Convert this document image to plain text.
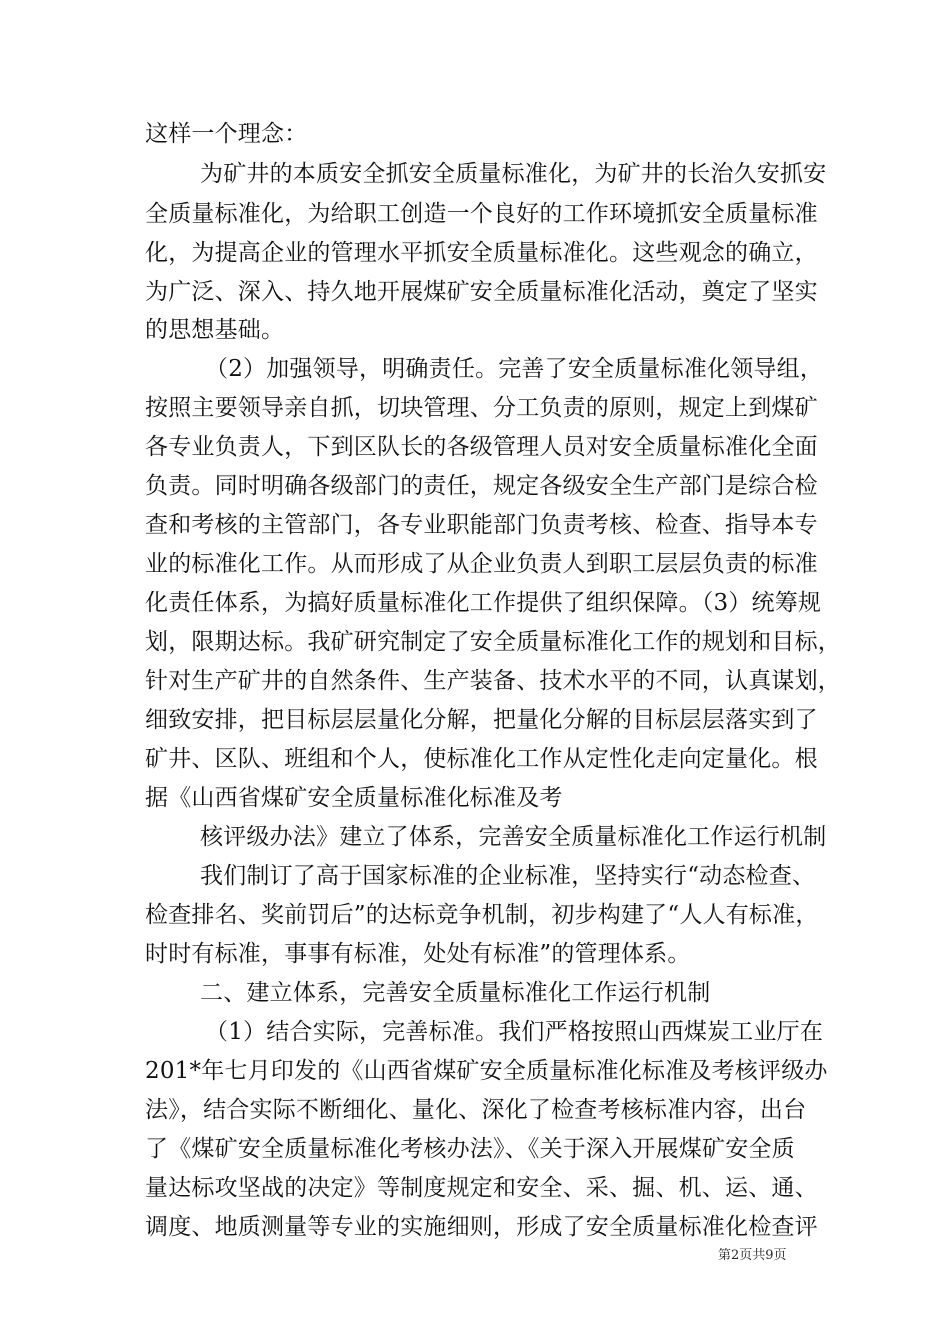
这样一个理念：
为矿井的本质安全抓安全质量标准化，为矿井的长治久安抓安
全质量标准化，为给职工创造一个良好的工作环境抓安全质量标准
化，为提高企业的管理水平抓安全质量标准化。这些观念的确立，
为广泛、深入、持久地开展煤矿安全质量标准化活动，奠定了坚实
的思想基础。
（2）加强领导，明确责任。完善了安全质量标准化领导组，
按照主要领导亲自抓，切块管理、分工负责的原则，规定上到煤矿
各专业负责人，下到区队长的各级管理人员对安全质量标准化全面
负责。同时明确各级部门的责任，规定各级安全生产部门是综合检
查和考核的主管部门，各专业职能部门负责考核、检查、指导本专
业的标准化工作。从而形成了从企业负责人到职工层层负责的标准
化责任体系，为搞好质量标准化工作提供了组织保障。（3）统筹规
划，限期达标。我矿研究制定了安全质量标准化工作的规划和目标，
针对生产矿井的自然条件、生产装备、技术水平的不同，认真谋划，
细致安排，把目标层层量化分解，把量化分解的目标层层落实到了
矿井、区队、班组和个人，使标准化工作从定性化走向定量化。根
据《山西省煤矿安全质量标准化标准及考
核评级办法》建立了体系，完善安全质量标准化工作运行机制
我们制订了高于国家标准的企业标准，坚持实行“动态检查、
检查排名、奖前罚后”的达标竞争机制，初步构建了“人人有标准，
时时有标准，事事有标准，处处有标准”的管理体系。
二、建立体系，完善安全质量标准化工作运行机制
（1）结合实际，完善标准。我们严格按照山西煤炭工业厅在
201*年七月印发的《山西省煤矿安全质量标准化标准及考核评级办
法》，结合实际不断细化、量化、深化了检查考核标准内容，出台
了《煤矿安全质量标准化考核办法》、《关于深入开展煤矿安全质
量达标攻坚战的决定》等制度规定和安全、采、掘、机、运、通、
调度、地质测量等专业的实施细则，形成了安全质量标准化检查评
第2页共9页
